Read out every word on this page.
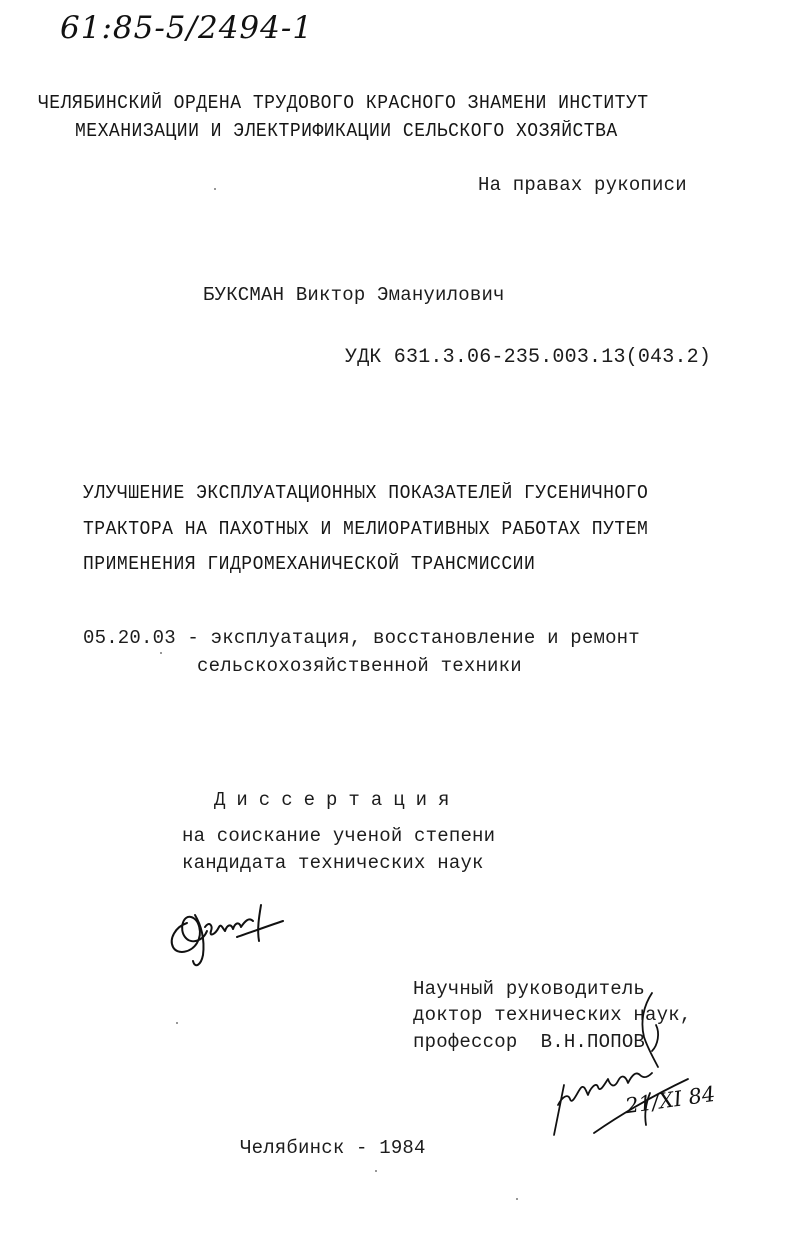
61:85-5/2494-1
ЧЕЛЯБИНСКИЙ ОРДЕНА ТРУДОВОГО КРАСНОГО ЗНАМЕНИ ИНСТИТУТ
МЕХАНИЗАЦИИ И ЭЛЕКТРИФИКАЦИИ СЕЛЬСКОГО ХОЗЯЙСТВА
На правах рукописи
БУКСМАН Виктор Эмануилович
УДК 631.3.06-235.003.13(043.2)
УЛУЧШЕНИЕ ЭКСПЛУАТАЦИОННЫХ ПОКАЗАТЕЛЕЙ ГУСЕНИЧНОГО
ТРАКТОРА НА ПАХОТНЫХ И МЕЛИОРАТИВНЫХ РАБОТАХ ПУТЕМ
ПРИМЕНЕНИЯ ГИДРОМЕХАНИЧЕСКОЙ ТРАНСМИССИИ
05.20.03 - эксплуатация, восстановление и ремонт
сельскохозяйственной техники
Диссертация
на соискание ученой степени
кандидата технических наук
Научный руководитель
доктор технических наук,
профессор  В.Н.ПОПОВ
21/XI 84
Челябинск - 1984
